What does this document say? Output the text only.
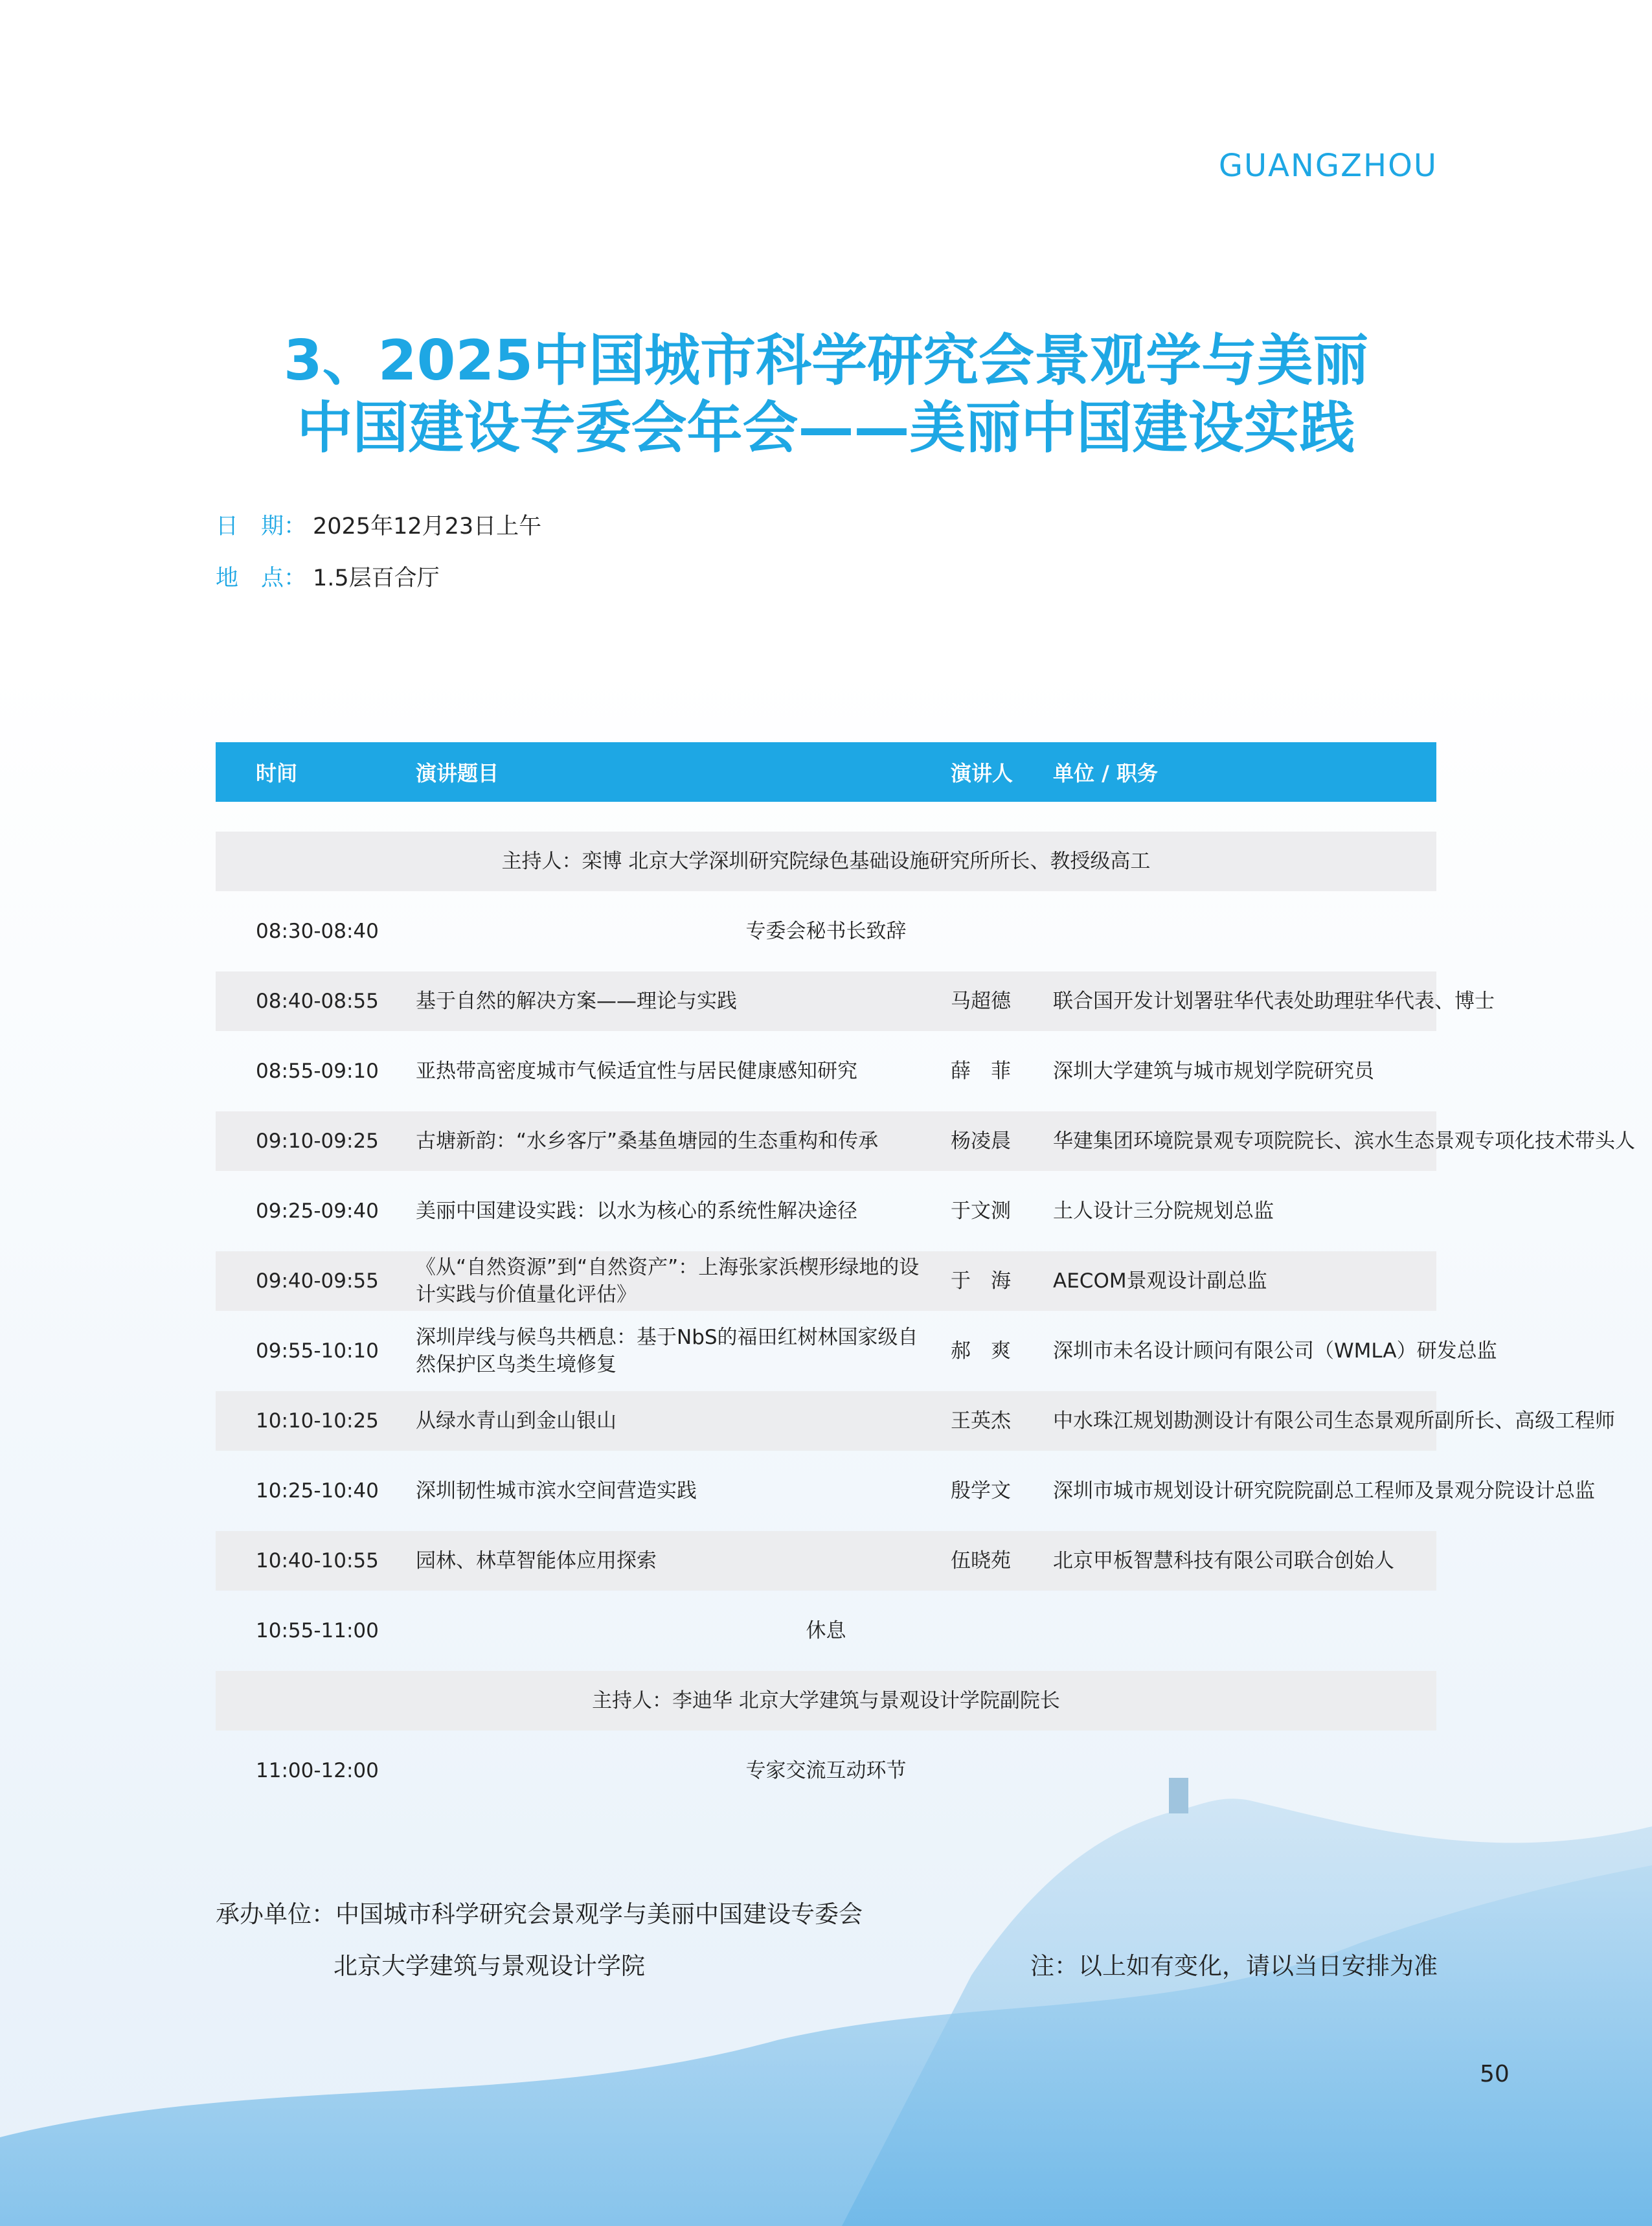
GUANGZHOU
3、2025中国城市科学研究会景观学与美丽
中国建设专委会年会——美丽中国建设实践
日　期： 2025年12月23日上午
地　点： 1.5层百合厅
时间	演讲题目	演讲人 单位 / 职务
主持人：栾博 北京大学深圳研究院绿色基础设施研究所所长、教授级高工
08:30-08:40	专委会秘书长致辞
08:40-08:55 基于自然的解决方案——理论与实践	马超德 联合国开发计划署驻华代表处助理驻华代表、博士
08:55-09:10 亚热带高密度城市气候适宜性与居民健康感知研究	薛　菲 深圳大学建筑与城市规划学院研究员
09:10-09:25 古塘新韵：“水乡客厅”桑基鱼塘园的生态重构和传承	杨凌晨 华建集团环境院景观专项院院长、滨水生态景观专项化技术带头人
09:25-09:40 美丽中国建设实践：以水为核心的系统性解决途径	于文测 土人设计三分院规划总监
09:40-09:55
《从“自然资源”到“自然资产”：上海张家浜楔形绿地的设计实践与价值量化评估》
于　海 AECOM景观设计副总监
09:55-10:10
深圳岸线与候鸟共栖息：基于NbS的福田红树林国家级自然保护区鸟类生境修复
郝　爽 深圳市未名设计顾问有限公司（WMLA）研发总监
10:10-10:25 从绿水青山到金山银山	王英杰 中水珠江规划勘测设计有限公司生态景观所副所长、高级工程师
10:25-10:40 深圳韧性城市滨水空间营造实践	殷学文 深圳市城市规划设计研究院院副总工程师及景观分院设计总监
10:40-10:55 园林、林草智能体应用探索	伍晓苑 北京甲板智慧科技有限公司联合创始人
10:55-11:00	休息
主持人：李迪华 北京大学建筑与景观设计学院副院长
11:00-12:00	专家交流互动环节
承办单位：中国城市科学研究会景观学与美丽中国建设专委会
北京大学建筑与景观设计学院	注：以上如有变化，请以当日安排为准
50
